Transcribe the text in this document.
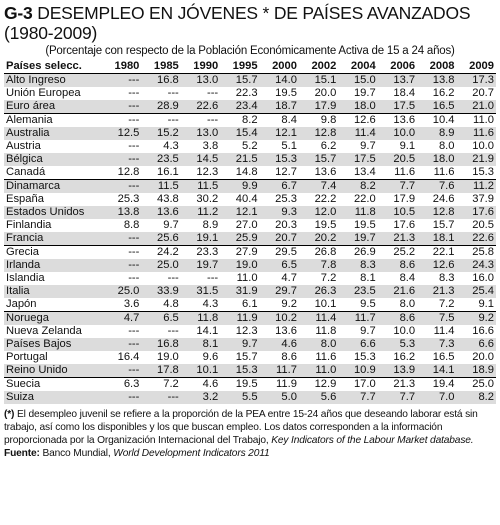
G-3 DESEMPLEO EN JÓVENES * DE PAÍSES AVANZADOS
(1980-2009)
(Porcentaje con respecto de la Población Económicamente Activa de 15 a 24 años)
Países selecc.	1980	1985	1990	1995	2000	2002	2004	2006	2008	2009
Alto Ingreso	---	16.8	13.0	15.7	14.0	15.1	15.0	13.7	13.8	17.3
Unión Europea	---	---	---	22.3	19.5	20.0	19.7	18.4	16.2	20.7
Euro área	---	28.9	22.6	23.4	18.7	17.9	18.0	17.5	16.5	21.0
Alemania	---	---	---	8.2	8.4	9.8	12.6	13.6	10.4	11.0
Australia	12.5	15.2	13.0	15.4	12.1	12.8	11.4	10.0	8.9	11.6
Austria	---	4.3	3.8	5.2	5.1	6.2	9.7	9.1	8.0	10.0
Bélgica	---	23.5	14.5	21.5	15.3	15.7	17.5	20.5	18.0	21.9
Canadá	12.8	16.1	12.3	14.8	12.7	13.6	13.4	11.6	11.6	15.3
Dinamarca	---	11.5	11.5	9.9	6.7	7.4	8.2	7.7	7.6	11.2
España	25.3	43.8	30.2	40.4	25.3	22.2	22.0	17.9	24.6	37.9
Estados Unidos	13.8	13.6	11.2	12.1	9.3	12.0	11.8	10.5	12.8	17.6
Finlandia	8.8	9.7	8.9	27.0	20.3	19.5	19.5	17.6	15.7	20.5
Francia	---	25.6	19.1	25.9	20.7	20.2	19.7	21.3	18.1	22.6
Grecia	---	24.2	23.3	27.9	29.5	26.8	26.9	25.2	22.1	25.8
Irlanda	---	25.0	19.7	19.0	6.5	7.8	8.3	8.6	12.6	24.3
Islandia	---	---	---	11.0	4.7	7.2	8.1	8.4	8.3	16.0
Italia	25.0	33.9	31.5	31.9	29.7	26.3	23.5	21.6	21.3	25.4
Japón	3.6	4.8	4.3	6.1	9.2	10.1	9.5	8.0	7.2	9.1
Noruega	4.7	6.5	11.8	11.9	10.2	11.4	11.7	8.6	7.5	9.2
Nueva Zelanda	---	---	14.1	12.3	13.6	11.8	9.7	10.0	11.4	16.6
Países Bajos	---	16.8	8.1	9.7	4.6	8.0	6.6	5.3	7.3	6.6
Portugal	16.4	19.0	9.6	15.7	8.6	11.6	15.3	16.2	16.5	20.0
Reino Unido	---	17.8	10.1	15.3	11.7	11.0	10.9	13.9	14.1	18.9
Suecia	6.3	7.2	4.6	19.5	11.9	12.9	17.0	21.3	19.4	25.0
Suiza	---	---	3.2	5.5	5.0	5.6	7.7	7.7	7.0	8.2
(*) El desempleo juvenil se refiere a la proporción de la PEA entre 15-24 años que deseando laborar está sin trabajo, así como los disponibles y los que buscan empleo. Los datos corresponden a la información proporcionada por la Organización Internacional del Trabajo, Key Indicators of the Labour Market database. Fuente: Banco Mundial, World Development Indicators 2011
